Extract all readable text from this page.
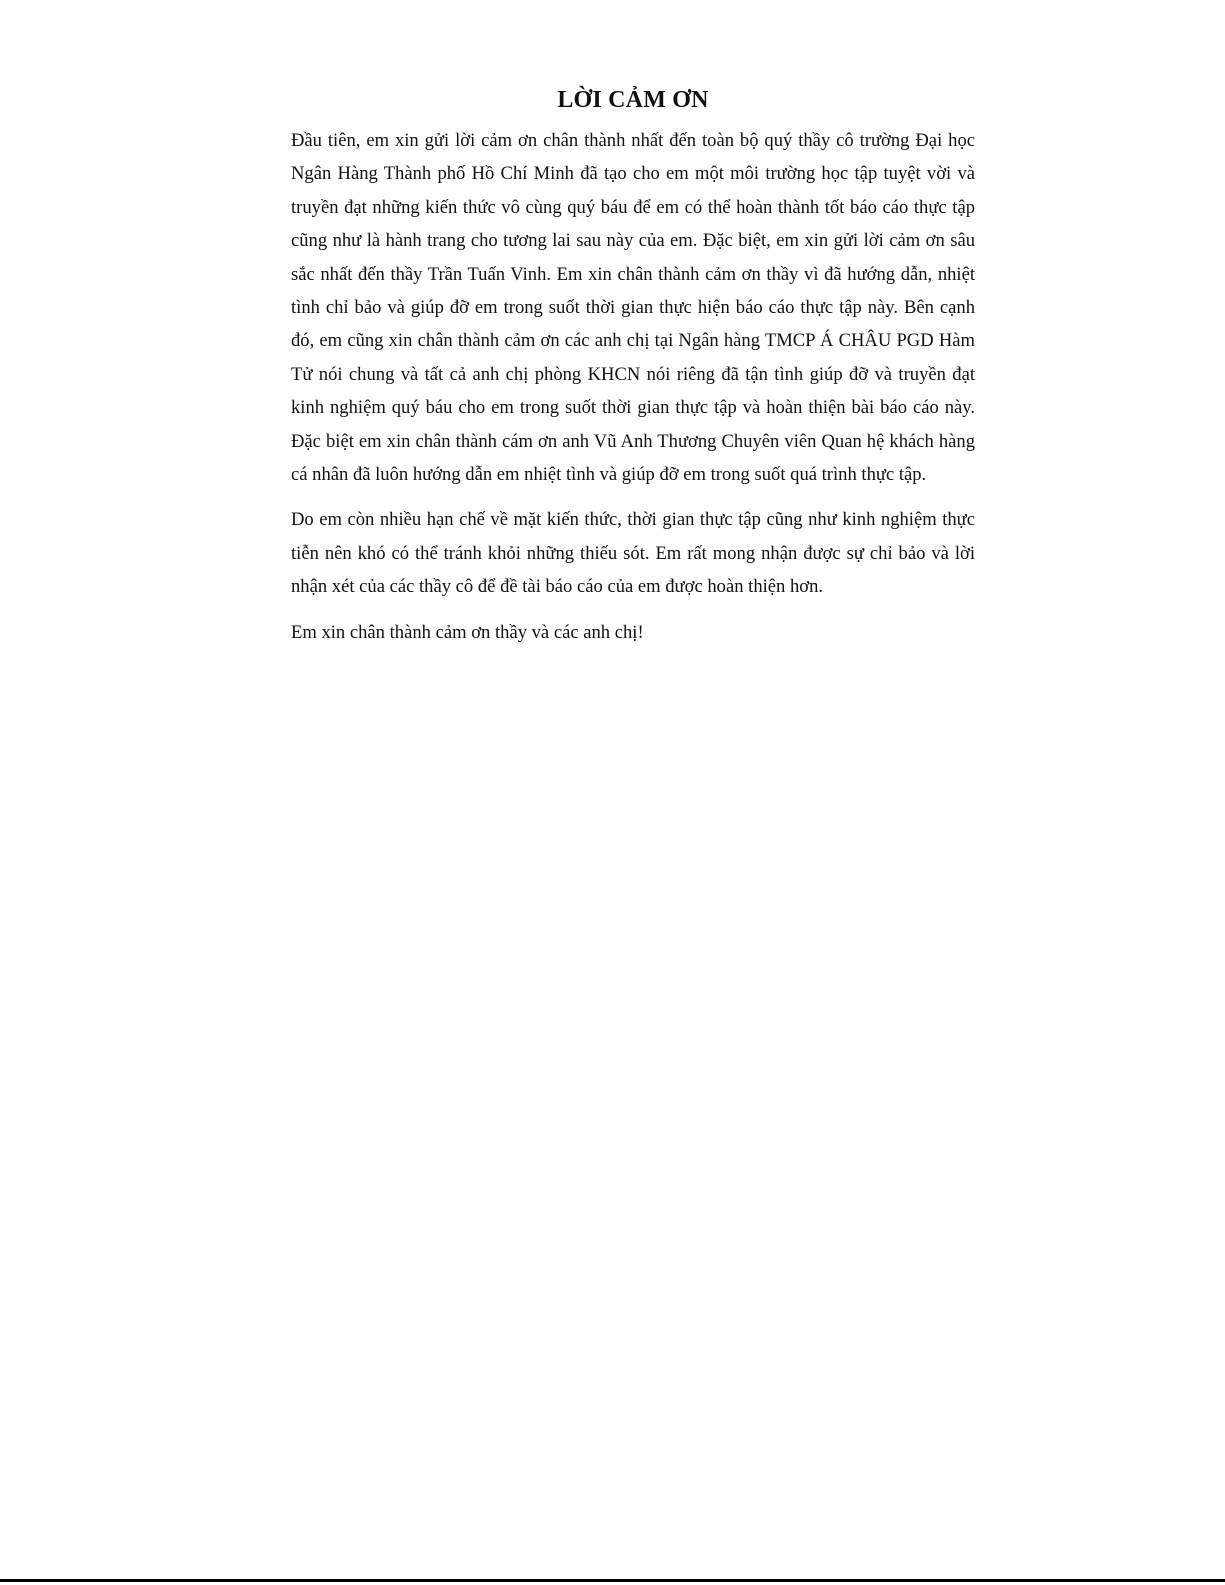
LỜI CẢM ƠN

Đầu tiên, em xin gửi lời cảm ơn chân thành nhất đến toàn bộ quý thầy cô trường Đại học Ngân Hàng Thành phố Hồ Chí Minh đã tạo cho em một môi trường học tập tuyệt vời và truyền đạt những kiến thức vô cùng quý báu để em có thể hoàn thành tốt báo cáo thực tập cũng như là hành trang cho tương lai sau này của em. Đặc biệt, em xin gửi lời cảm ơn sâu sắc nhất đến thầy Trần Tuấn Vinh. Em xin chân thành cảm ơn thầy vì đã hướng dẫn, nhiệt tình chỉ bảo và giúp đỡ em trong suốt thời gian thực hiện báo cáo thực tập này. Bên cạnh đó, em cũng xin chân thành cảm ơn các anh chị tại Ngân hàng TMCP Á CHÂU PGD Hàm Tử nói chung và tất cả anh chị phòng KHCN nói riêng đã tận tình giúp đỡ và truyền đạt kinh nghiệm quý báu cho em trong suốt thời gian thực tập và hoàn thiện bài báo cáo này. Đặc biệt em xin chân thành cám ơn anh Vũ Anh Thương Chuyên viên Quan hệ khách hàng cá nhân đã luôn hướng dẫn em nhiệt tình và giúp đỡ em trong suốt quá trình thực tập.

Do em còn nhiều hạn chế về mặt kiến thức, thời gian thực tập cũng như kinh nghiệm thực tiễn nên khó có thể tránh khỏi những thiếu sót. Em rất mong nhận được sự chỉ bảo và lời nhận xét của các thầy cô để đề tài báo cáo của em được hoàn thiện hơn.

Em xin chân thành cảm ơn thầy và các anh chị!
